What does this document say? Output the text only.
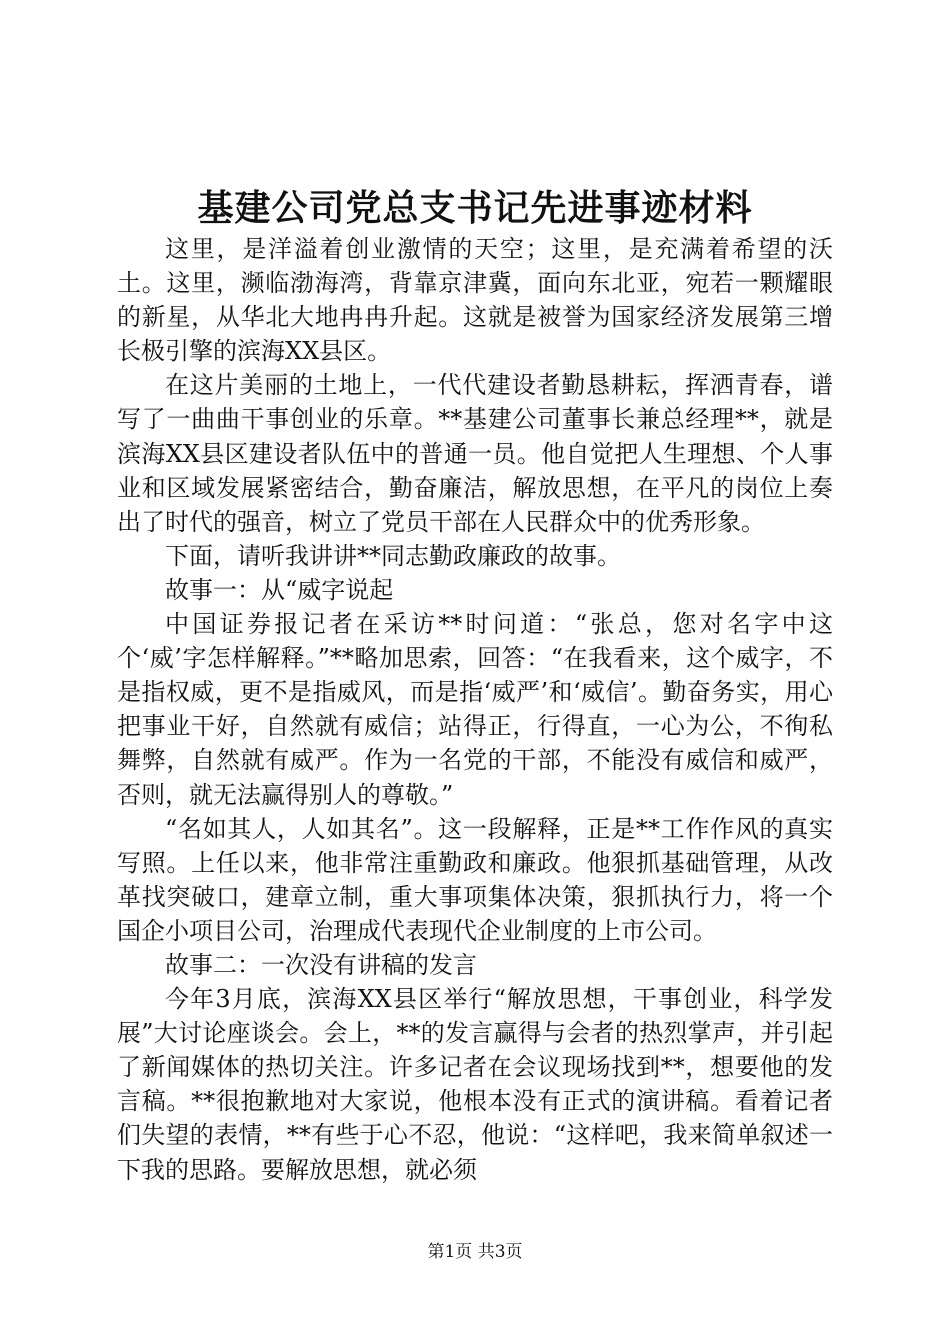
基建公司党总支书记先进事迹材料

这里，是洋溢着创业激情的天空；这里，是充满着希望的沃土。这里，濒临渤海湾，背靠京津冀，面向东北亚，宛若一颗耀眼的新星，从华北大地冉冉升起。这就是被誉为国家经济发展第三增长极引擎的滨海XX县区。

在这片美丽的土地上，一代代建设者勤恳耕耘，挥洒青春，谱写了一曲曲干事创业的乐章。**基建公司董事长兼总经理**，就是滨海XX县区建设者队伍中的普通一员。他自觉把人生理想、个人事业和区域发展紧密结合，勤奋廉洁，解放思想，在平凡的岗位上奏出了时代的强音，树立了党员干部在人民群众中的优秀形象。

下面，请听我讲讲**同志勤政廉政的故事。

故事一：从“威字说起

中国证券报记者在采访**时问道：“张总，您对名字中这个‘威’字怎样解释。”**略加思索，回答：“在我看来，这个威字，不是指权威，更不是指威风，而是指‘威严’和‘威信’。勤奋务实，用心把事业干好，自然就有威信；站得正，行得直，一心为公，不徇私舞弊，自然就有威严。作为一名党的干部，不能没有威信和威严，否则，就无法赢得别人的尊敬。”

“名如其人，人如其名”。这一段解释，正是**工作作风的真实写照。上任以来，他非常注重勤政和廉政。他狠抓基础管理，从改革找突破口，建章立制，重大事项集体决策，狠抓执行力，将一个国企小项目公司，治理成代表现代企业制度的上市公司。

故事二：一次没有讲稿的发言

今年3月底，滨海XX县区举行“解放思想，干事创业，科学发展”大讨论座谈会。会上，**的发言赢得与会者的热烈掌声，并引起了新闻媒体的热切关注。许多记者在会议现场找到**，想要他的发言稿。**很抱歉地对大家说，他根本没有正式的演讲稿。看着记者们失望的表情，**有些于心不忍，他说：“这样吧，我来简单叙述一下我的思路。要解放思想，就必须

第1页 共3页
